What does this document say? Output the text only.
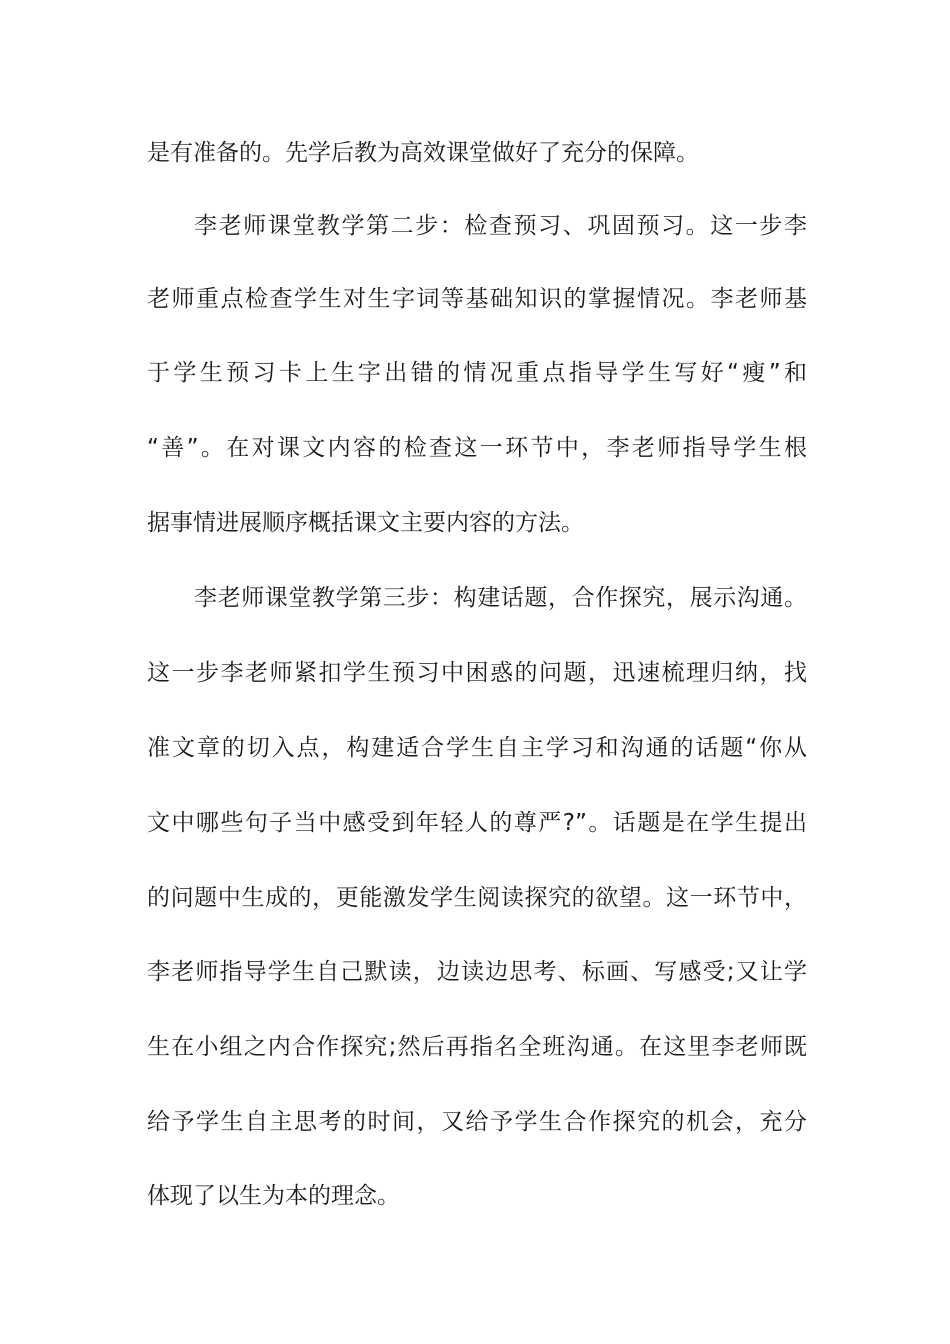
是有准备的。先学后教为高效课堂做好了充分的保障。
李老师课堂教学第二步：检查预习、巩固预习。这一步李
老师重点检查学生对生字词等基础知识的掌握情况。李老师基
于学生预习卡上生字出错的情况重点指导学生写好“瘦”和
“善”。在对课文内容的检查这一环节中，李老师指导学生根
据事情进展顺序概括课文主要内容的方法。
李老师课堂教学第三步：构建话题，合作探究，展示沟通。
这一步李老师紧扣学生预习中困惑的问题，迅速梳理归纳，找
准文章的切入点，构建适合学生自主学习和沟通的话题“你从
文中哪些句子当中感受到年轻人的尊严?”。话题是在学生提出
的问题中生成的，更能激发学生阅读探究的欲望。这一环节中，
李老师指导学生自己默读，边读边思考、标画、写感受;又让学
生在小组之内合作探究;然后再指名全班沟通。在这里李老师既
给予学生自主思考的时间，又给予学生合作探究的机会，充分
体现了以生为本的理念。
